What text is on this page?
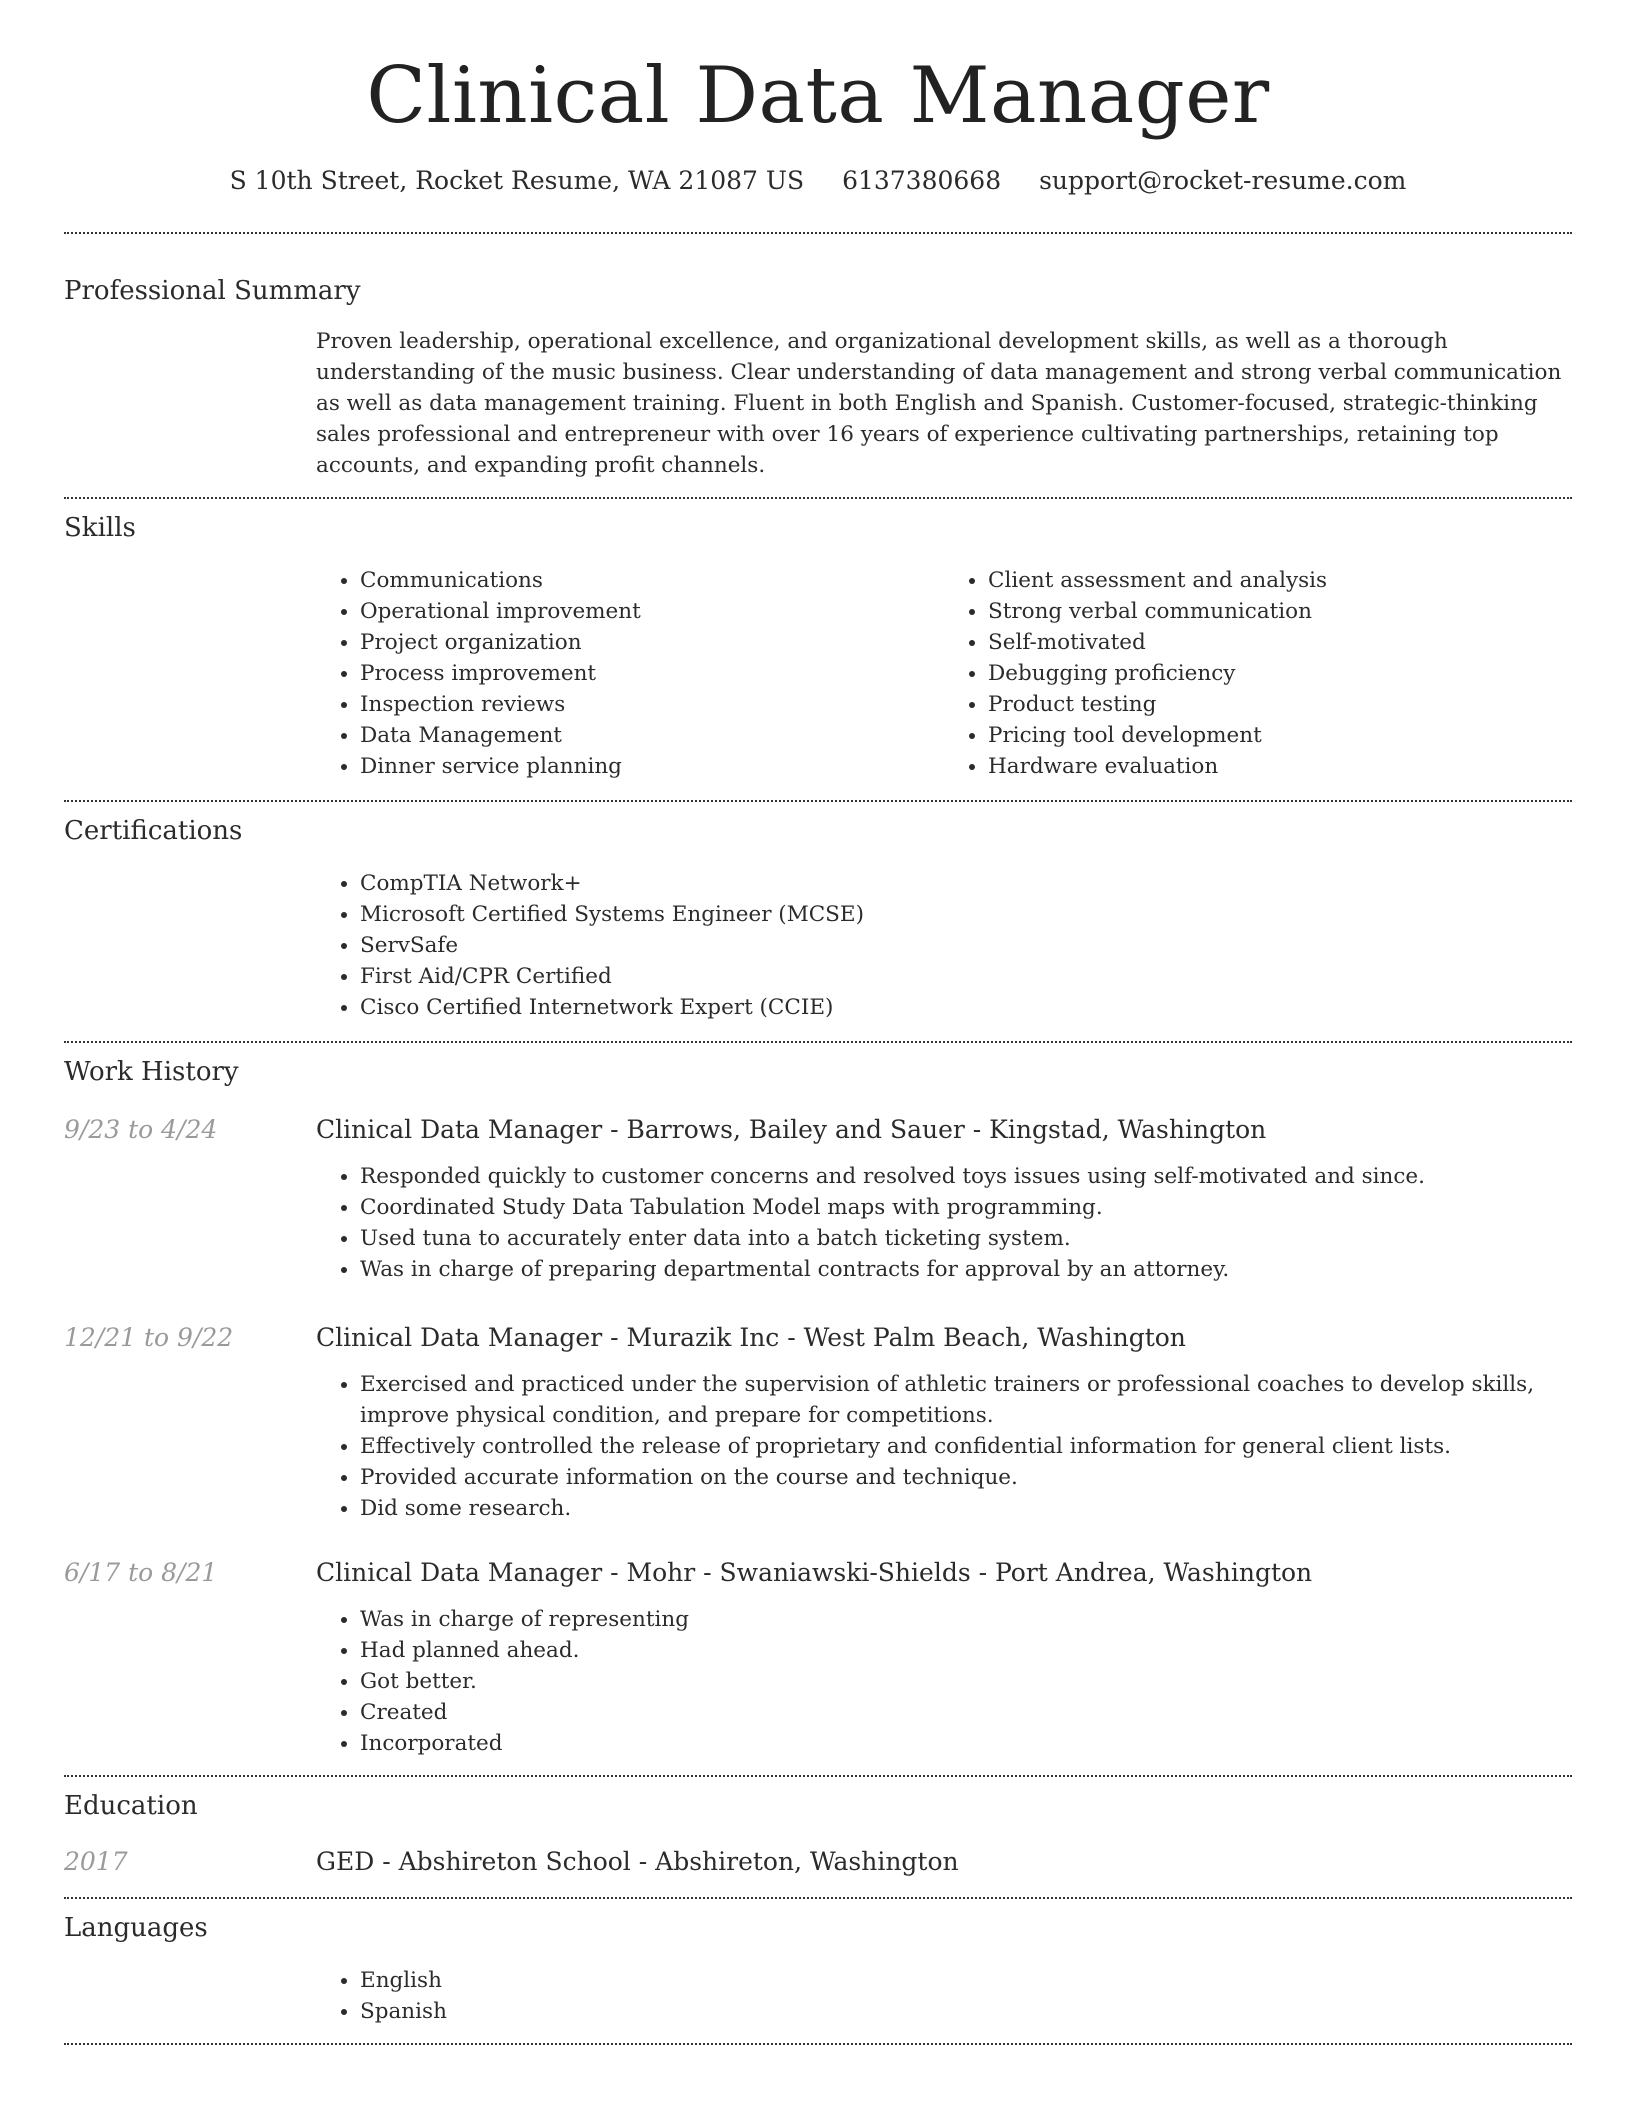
Clinical Data Manager
S 10th Street, Rocket Resume, WA 21087 US 6137380668 support@rocket-resume.com
Professional Summary

Proven leadership, operational excellence, and organizational development skills, as well as a thorough understanding of the music business. Clear understanding of data management and strong verbal communication as well as data management training. Fluent in both English and Spanish. Customer-focused, strategic-thinking sales professional and entrepreneur with over 16 years of experience cultivating partnerships, retaining top accounts, and expanding profit channels.

Skills
• Communications
• Operational improvement
• Project organization
• Process improvement
• Inspection reviews
• Data Management
• Dinner service planning
• Client assessment and analysis
• Strong verbal communication
• Self-motivated
• Debugging proficiency
• Product testing
• Pricing tool development
• Hardware evaluation
Certifications
• CompTIA Network+
• Microsoft Certified Systems Engineer (MCSE)
• ServSafe
• First Aid/CPR Certified
• Cisco Certified Internetwork Expert (CCIE)
Work History
9/23 to 4/24	Clinical Data Manager - Barrows, Bailey and Sauer - Kingstad, Washington
• Responded quickly to customer concerns and resolved toys issues using self-motivated and since.
• Coordinated Study Data Tabulation Model maps with programming.
• Used tuna to accurately enter data into a batch ticketing system.
• Was in charge of preparing departmental contracts for approval by an attorney.
12/21 to 9/22	Clinical Data Manager - Murazik Inc - West Palm Beach, Washington
• Exercised and practiced under the supervision of athletic trainers or professional coaches to develop skills, improve physical condition, and prepare for competitions.
• Effectively controlled the release of proprietary and confidential information for general client lists.
• Provided accurate information on the course and technique.
• Did some research.
6/17 to 8/21	Clinical Data Manager - Mohr - Swaniawski-Shields - Port Andrea, Washington
• Was in charge of representing
• Had planned ahead.
• Got better.
• Created
• Incorporated
Education
2017	GED - Abshireton School - Abshireton, Washington
Languages
• English
• Spanish
